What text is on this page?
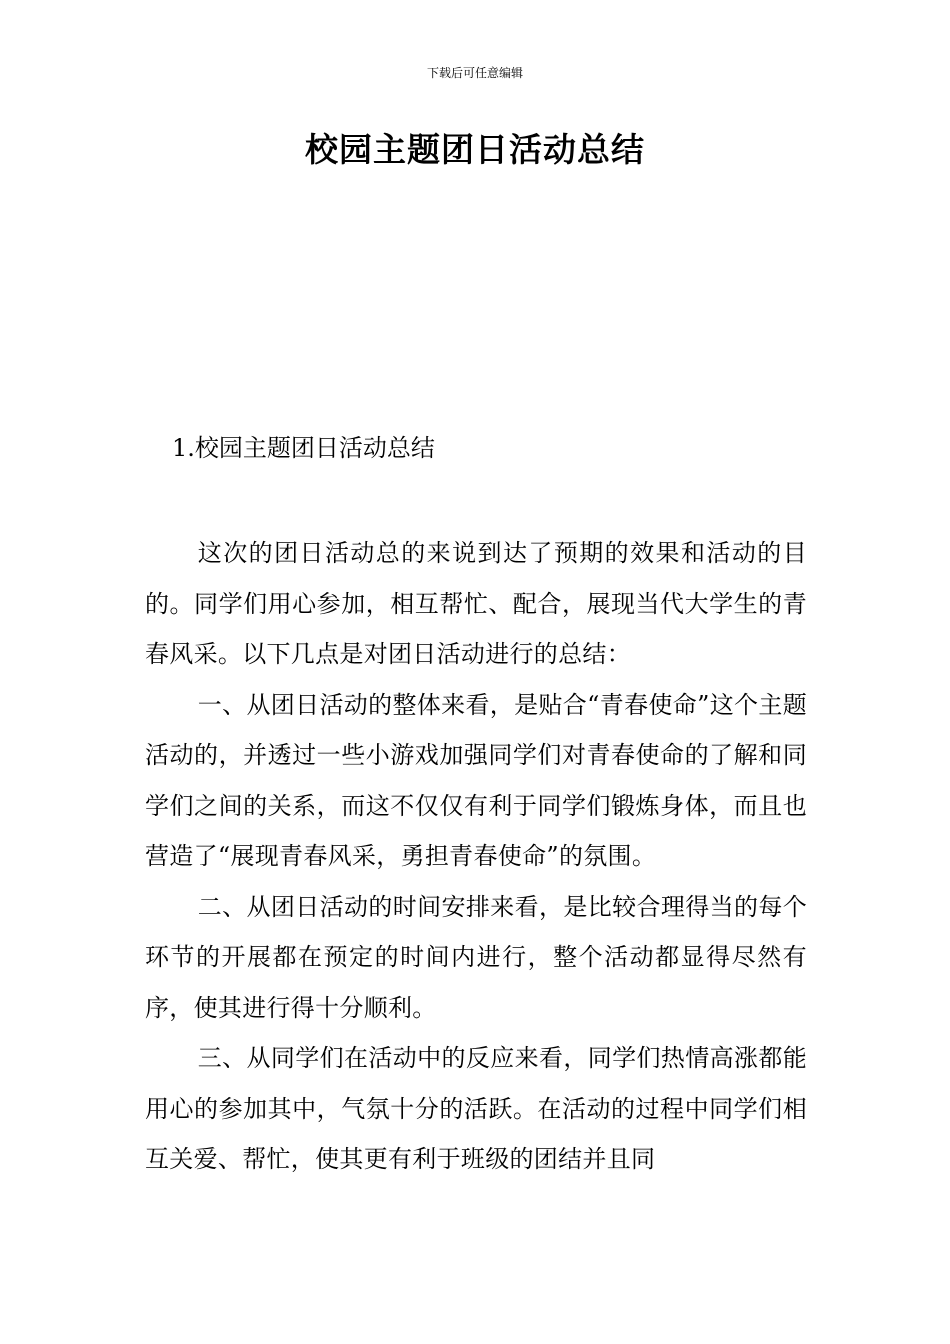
下载后可任意编辑
校园主题团日活动总结
1.校园主题团日活动总结

这次的团日活动总的来说到达了预期的效果和活动的目的。同学们用心参加，相互帮忙、配合，展现当代大学生的青春风采。以下几点是对团日活动进行的总结：

一、从团日活动的整体来看，是贴合“青春使命”这个主题活动的，并透过一些小游戏加强同学们对青春使命的了解和同学们之间的关系，而这不仅仅有利于同学们锻炼身体，而且也营造了“展现青春风采，勇担青春使命”的氛围。

二、从团日活动的时间安排来看，是比较合理得当的每个环节的开展都在预定的时间内进行，整个活动都显得尽然有序，使其进行得十分顺利。

三、从同学们在活动中的反应来看，同学们热情高涨都能用心的参加其中，气氛十分的活跃。在活动的过程中同学们相互关爱、帮忙，使其更有利于班级的团结并且同
